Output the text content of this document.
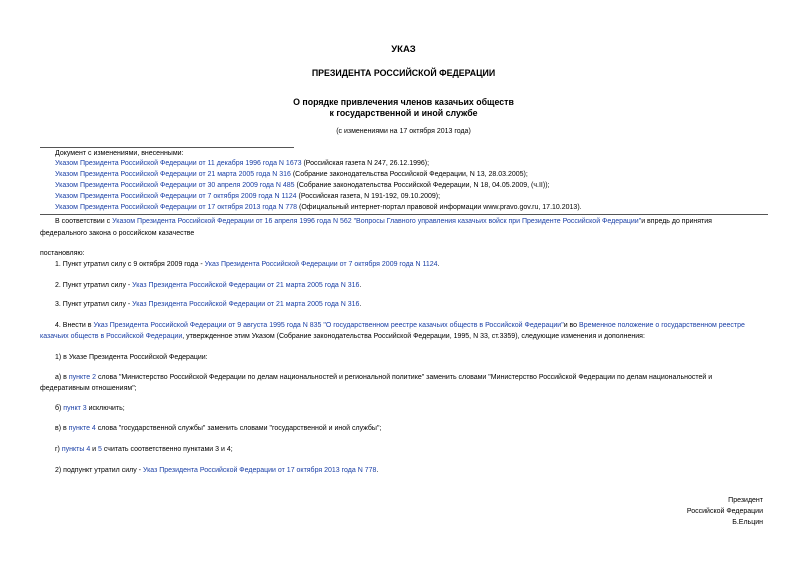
УКАЗ
ПРЕЗИДЕНТА РОССИЙСКОЙ ФЕДЕРАЦИИ
О порядке привлечения членов казачьих обществ
к государственной и иной службе
(с изменениями на 17 октября 2013 года)
Документ с изменениями, внесенными:
Указом Президента Российской Федерации от 11 декабря 1996 года N 1673 (Российская газета N 247, 26.12.1996);
Указом Президента Российской Федерации от 21 марта 2005 года N 316 (Собрание законодательства Российской Федерации, N 13, 28.03.2005);
Указом Президента Российской Федерации от 30 апреля 2009 года N 485 (Собрание законодательства Российской Федерации, N 18, 04.05.2009, (ч.II));
Указом Президента Российской Федерации от 7 октября 2009 года N 1124 (Российская газета, N 191-192, 09.10.2009);
Указом Президента Российской Федерации от 17 октября 2013 года N 778 (Официальный интернет-портал правовой информации www.pravo.gov.ru, 17.10.2013).
В соответствии с Указом Президента Российской Федерации от 16 апреля 1996 года N 562 "Вопросы Главного управления казачьих войск при Президенте Российской Федерации"и впредь до принятия
федерального закона о российском казачестве
постановляю:
1. Пункт утратил силу с 9 октября 2009 года - Указ Президента Российской Федерации от 7 октября 2009 года N 1124.
2. Пункт утратил силу - Указ Президента Российской Федерации от 21 марта 2005 года N 316.
3. Пункт утратил силу - Указ Президента Российской Федерации от 21 марта 2005 года N 316.
4. Внести в Указ Президента Российской Федерации от 9 августа 1995 года N 835 "О государственном реестре казачьих обществ в Российской Федерации"и во Временное положение о государственном реестре
казачьих обществ в Российской Федерации, утвержденное этим Указом (Собрание законодательства Российской Федерации, 1995, N 33, ст.3359), следующие изменения и дополнения:
1) в Указе Президента Российской Федерации:
а) в пункте 2 слова "Министерство Российской Федерации по делам национальностей и региональной политике" заменить словами "Министерство Российской Федерации по делам национальностей и
федеративным отношениям";
б) пункт 3 исключить;
в) в пункте 4 слова "государственной службы" заменить словами "государственной и иной службы";
г) пункты 4 и 5 считать соответственно пунктами 3 и 4;
2) подпункт утратил силу - Указ Президента Российской Федерации от 17 октября 2013 года N 778.
Президент
Российской Федерации
Б.Ельцин
